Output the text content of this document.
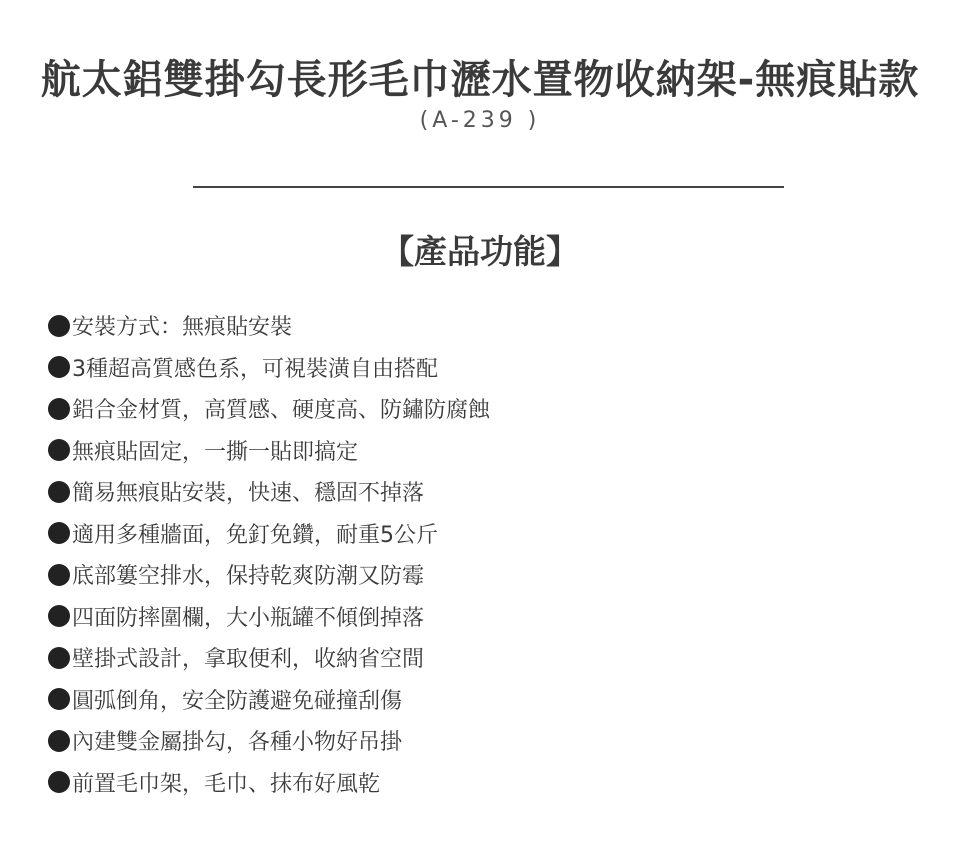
航太鋁雙掛勾長形毛巾瀝水置物收納架-無痕貼款
(A-239 )
【產品功能】
安裝方式：無痕貼安裝
3種超高質感色系，可視裝潢自由搭配
鋁合金材質，高質感、硬度高、防鏽防腐蝕
無痕貼固定，一撕一貼即搞定
簡易無痕貼安裝，快速、穩固不掉落
適用多種牆面，免釘免鑽，耐重5公斤
底部簍空排水，保持乾爽防潮又防霉
四面防摔圍欄，大小瓶罐不傾倒掉落
壁掛式設計，拿取便利，收納省空間
圓弧倒角，安全防護避免碰撞刮傷
內建雙金屬掛勾，各種小物好吊掛
前置毛巾架，毛巾、抹布好風乾
